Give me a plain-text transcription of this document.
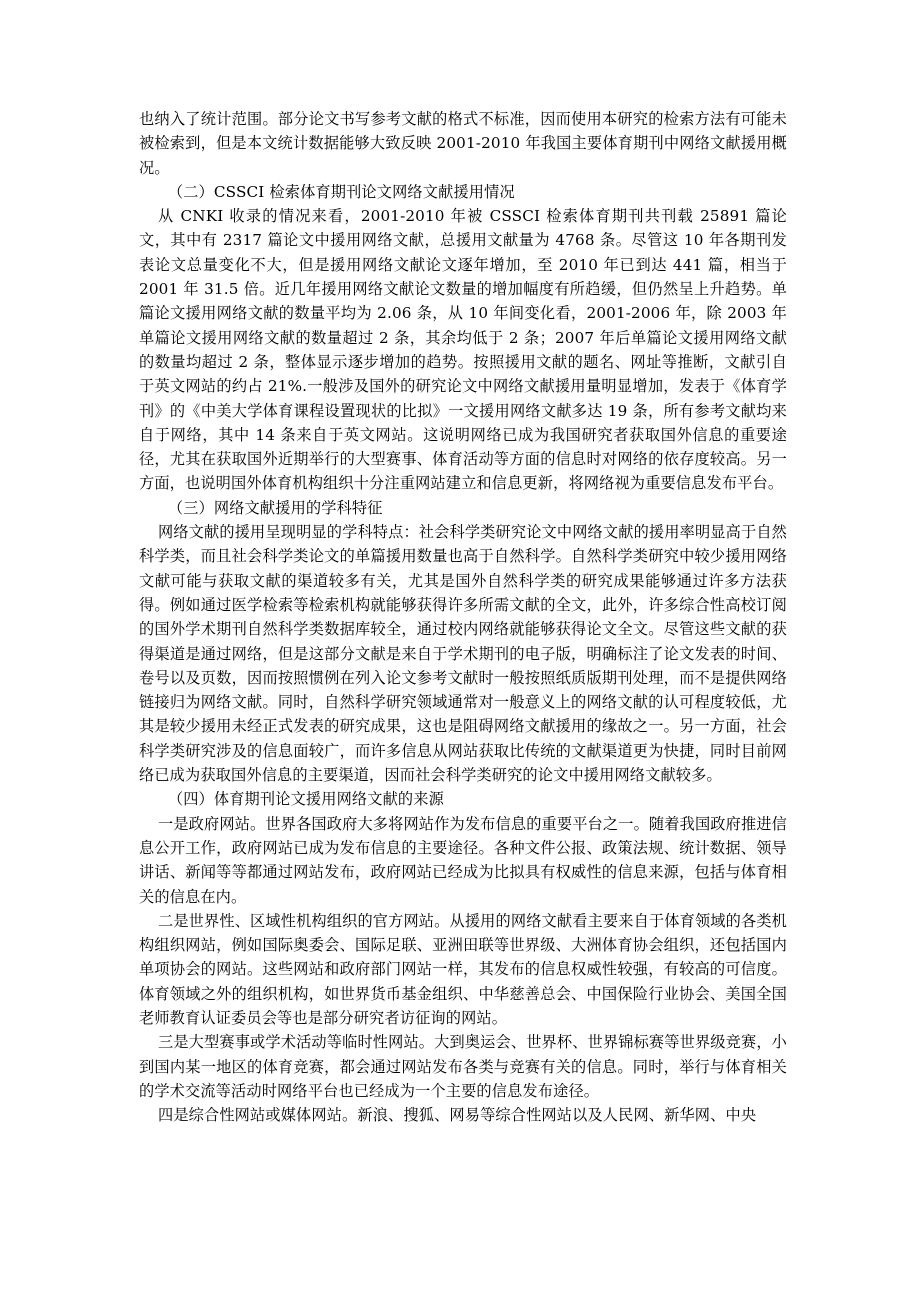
也纳入了统计范围。部分论文书写参考文献的格式不标准，因而使用本研究的检索方法有可能未被检索到，但是本文统计数据能够大致反映 2001-2010 年我国主要体育期刊中网络文献援用概况。

（二）CSSCI 检索体育期刊论文网络文献援用情况

从 CNKI 收录的情况来看，2001-2010 年被 CSSCI 检索体育期刊共刊载 25891 篇论文，其中有 2317 篇论文中援用网络文献，总援用文献量为 4768 条。尽管这 10 年各期刊发表论文总量变化不大，但是援用网络文献论文逐年增加，至 2010 年已到达 441 篇，相当于 2001 年 31.5 倍。近几年援用网络文献论文数量的增加幅度有所趋缓，但仍然呈上升趋势。单篇论文援用网络文献的数量平均为 2.06 条，从 10 年间变化看，2001-2006 年，除 2003 年单篇论文援用网络文献的数量超过 2 条，其余均低于 2 条；2007 年后单篇论文援用网络文献的数量均超过 2 条，整体显示逐步增加的趋势。按照援用文献的题名、网址等推断，文献引自于英文网站的约占 21%.一般涉及国外的研究论文中网络文献援用量明显增加，发表于《体育学刊》的《中美大学体育课程设置现状的比拟》一文援用网络文献多达 19 条，所有参考文献均来自于网络，其中 14 条来自于英文网站。这说明网络已成为我国研究者获取国外信息的重要途径，尤其在获取国外近期举行的大型赛事、体育活动等方面的信息时对网络的依存度较高。另一方面，也说明国外体育机构组织十分注重网站建立和信息更新，将网络视为重要信息发布平台。

（三）网络文献援用的学科特征

网络文献的援用呈现明显的学科特点：社会科学类研究论文中网络文献的援用率明显高于自然科学类，而且社会科学类论文的单篇援用数量也高于自然科学。自然科学类研究中较少援用网络文献可能与获取文献的渠道较多有关，尤其是国外自然科学类的研究成果能够通过许多方法获得。例如通过医学检索等检索机构就能够获得许多所需文献的全文，此外，许多综合性高校订阅的国外学术期刊自然科学类数据库较全，通过校内网络就能够获得论文全文。尽管这些文献的获得渠道是通过网络，但是这部分文献是来自于学术期刊的电子版，明确标注了论文发表的时间、卷号以及页数，因而按照惯例在列入论文参考文献时一般按照纸质版期刊处理，而不是提供网络链接归为网络文献。同时，自然科学研究领域通常对一般意义上的网络文献的认可程度较低，尤其是较少援用未经正式发表的研究成果，这也是阻碍网络文献援用的缘故之一。另一方面，社会科学类研究涉及的信息面较广，而许多信息从网站获取比传统的文献渠道更为快捷，同时目前网络已成为获取国外信息的主要渠道，因而社会科学类研究的论文中援用网络文献较多。

（四）体育期刊论文援用网络文献的来源

一是政府网站。世界各国政府大多将网站作为发布信息的重要平台之一。随着我国政府推进信息公开工作，政府网站已成为发布信息的主要途径。各种文件公报、政策法规、统计数据、领导讲话、新闻等等都通过网站发布，政府网站已经成为比拟具有权威性的信息来源，包括与体育相关的信息在内。

二是世界性、区域性机构组织的官方网站。从援用的网络文献看主要来自于体育领域的各类机构组织网站，例如国际奥委会、国际足联、亚洲田联等世界级、大洲体育协会组织，还包括国内单项协会的网站。这些网站和政府部门网站一样，其发布的信息权威性较强，有较高的可信度。体育领域之外的组织机构，如世界货币基金组织、中华慈善总会、中国保险行业协会、美国全国老师教育认证委员会等也是部分研究者访征询的网站。

三是大型赛事或学术活动等临时性网站。大到奥运会、世界杯、世界锦标赛等世界级竞赛，小到国内某一地区的体育竞赛，都会通过网站发布各类与竞赛有关的信息。同时，举行与体育相关的学术交流等活动时网络平台也已经成为一个主要的信息发布途径。

四是综合性网站或媒体网站。新浪、搜狐、网易等综合性网站以及人民网、新华网、中央
